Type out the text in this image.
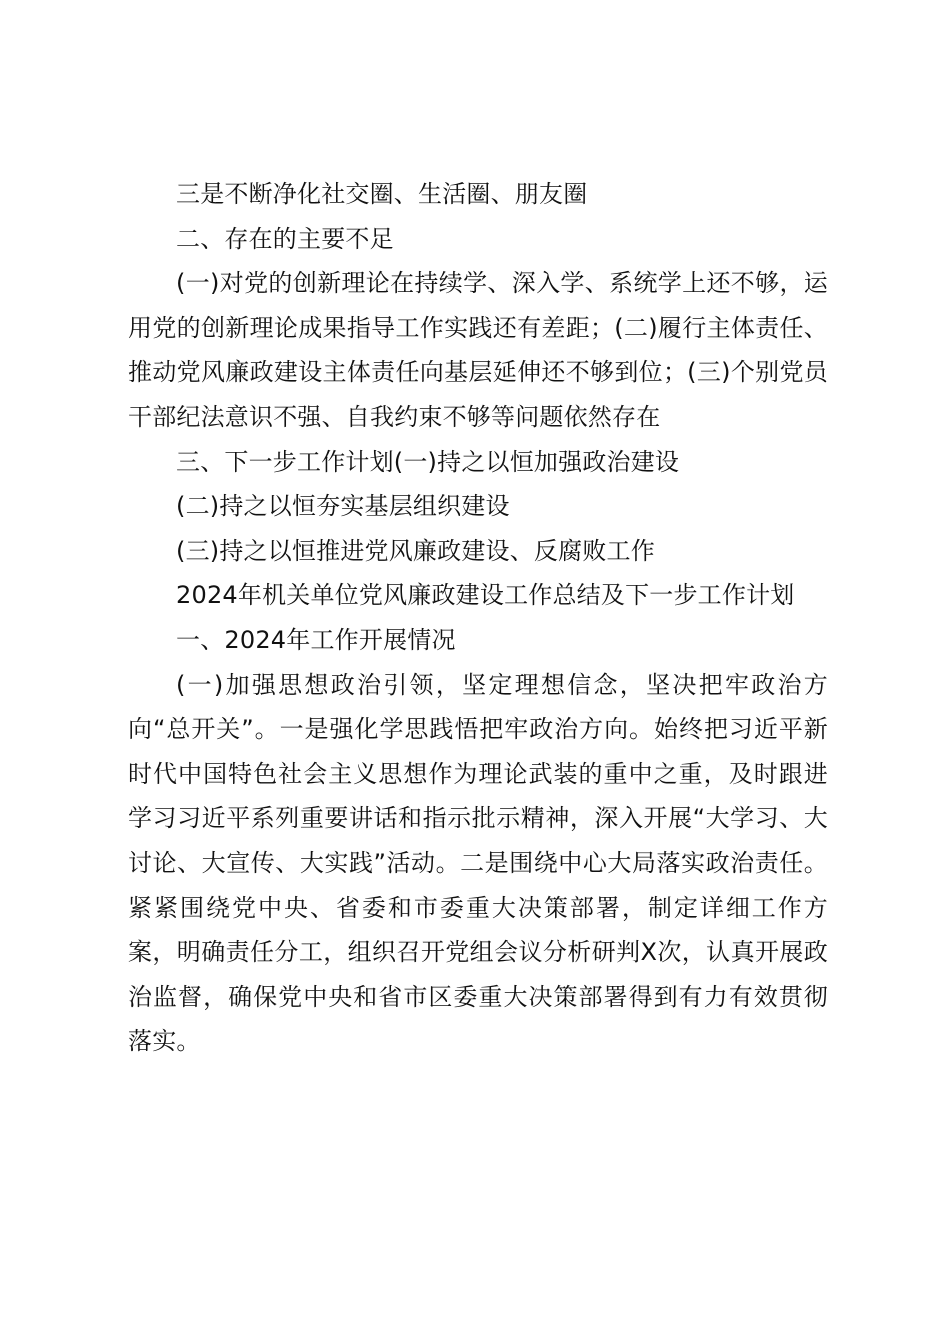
三是不断净化社交圈、生活圈、朋友圈

二、存在的主要不足

(一)对党的创新理论在持续学、深入学、系统学上还不够，运用党的创新理论成果指导工作实践还有差距；(二)履行主体责任、推动党风廉政建设主体责任向基层延伸还不够到位；(三)个别党员干部纪法意识不强、自我约束不够等问题依然存在

三、下一步工作计划(一)持之以恒加强政治建设

(二)持之以恒夯实基层组织建设

(三)持之以恒推进党风廉政建设、反腐败工作

2024年机关单位党风廉政建设工作总结及下一步工作计划

一、2024年工作开展情况

(一)加强思想政治引领，坚定理想信念，坚决把牢政治方向“总开关”。一是强化学思践悟把牢政治方向。始终把习近平新时代中国特色社会主义思想作为理论武装的重中之重，及时跟进学习习近平系列重要讲话和指示批示精神，深入开展“大学习、大讨论、大宣传、大实践”活动。二是围绕中心大局落实政治责任。紧紧围绕党中央、省委和市委重大决策部署，制定详细工作方案，明确责任分工，组织召开党组会议分析研判X次，认真开展政治监督，确保党中央和省市区委重大决策部署得到有力有效贯彻落实。
